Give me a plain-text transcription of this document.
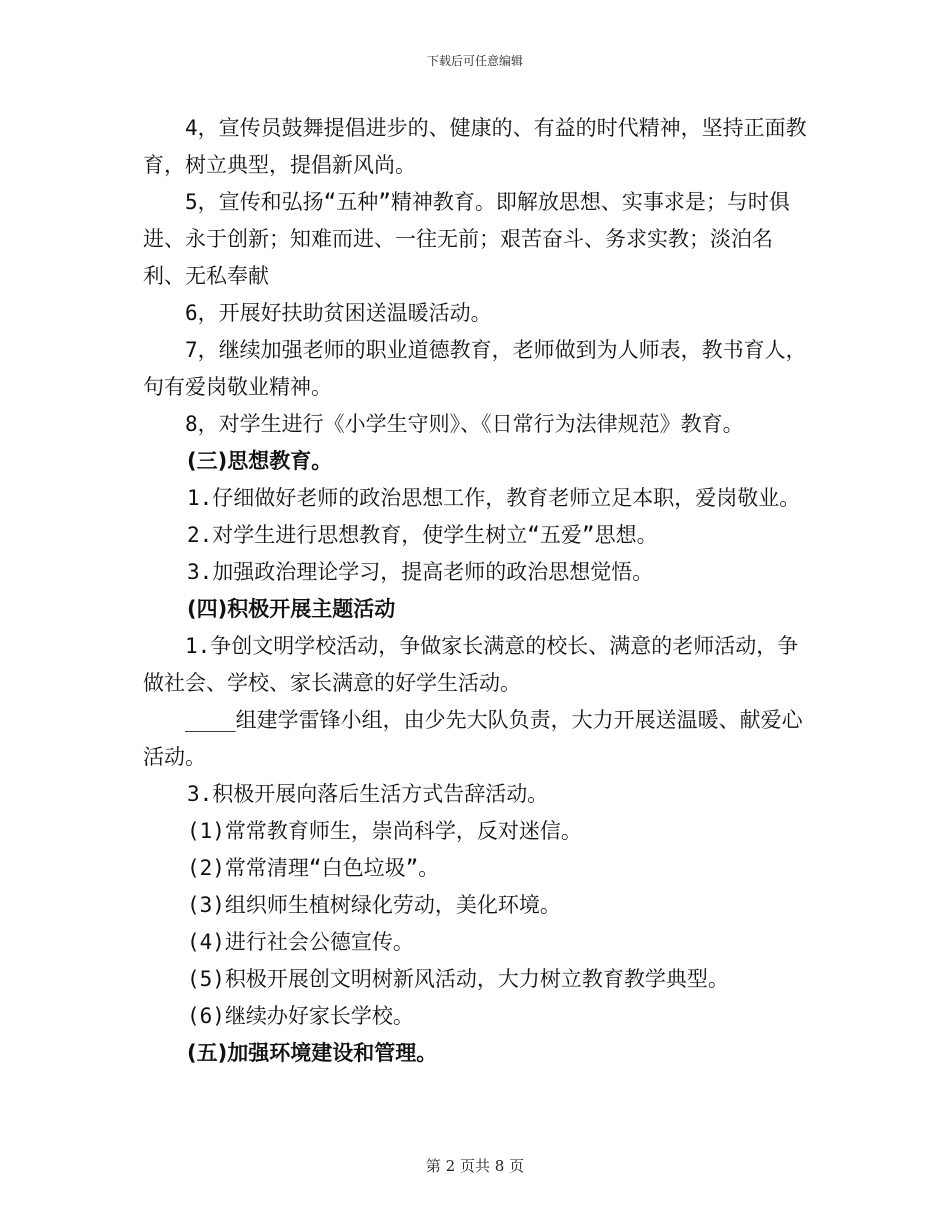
下载后可任意编辑

4，宣传员鼓舞提倡进步的、健康的、有益的时代精神，坚持正面教育，树立典型，提倡新风尚。

5，宣传和弘扬“五种”精神教育。即解放思想、实事求是；与时俱进、永于创新；知难而进、一往无前；艰苦奋斗、务求实教；淡泊名利、无私奉献

6，开展好扶助贫困送温暖活动。

7，继续加强老师的职业道德教育，老师做到为人师表，教书育人，句有爱岗敬业精神。

8，对学生进行《小学生守则》、《日常行为法律规范》教育。

(三)思想教育。

1.仔细做好老师的政治思想工作，教育老师立足本职，爱岗敬业。

2.对学生进行思想教育，使学生树立“五爱”思想。

3.加强政治理论学习，提高老师的政治思想觉悟。

(四)积极开展主题活动

1.争创文明学校活动，争做家长满意的校长、满意的老师活动，争做社会、学校、家长满意的好学生活动。

____组建学雷锋小组，由少先大队负责，大力开展送温暖、献爱心活动。

3.积极开展向落后生活方式告辞活动。

(1)常常教育师生，崇尚科学，反对迷信。

(2)常常清理“白色垃圾”。

(3)组织师生植树绿化劳动，美化环境。

(4)进行社会公德宣传。

(5)积极开展创文明树新风活动，大力树立教育教学典型。

(6)继续办好家长学校。

(五)加强环境建设和管理。

第 2 页共 8 页
